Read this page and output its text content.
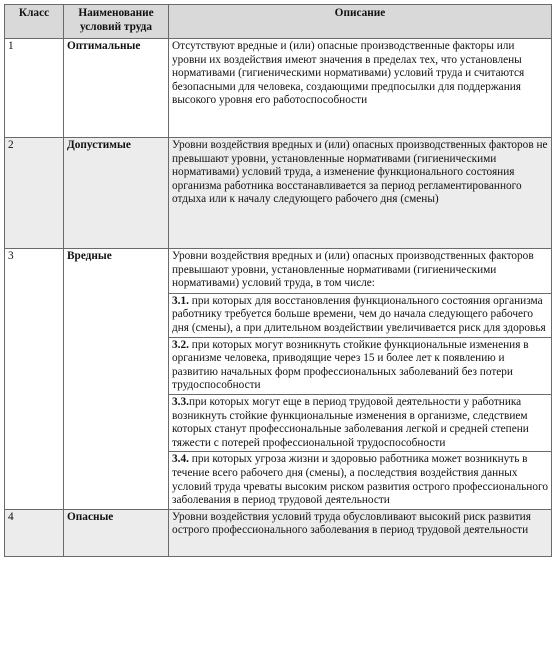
Класс	Наименование условий труда	Описание
1	Оптимальные	Отсутствуют вредные и (или) опасные производственные факторы или уровни их воздействия имеют значения в пределах тех, что установлены нормативами (гигиеническими нормативами) условий труда и считаются безопасными для человека, создающими предпосылки для поддержания высокого уровня его работоспособности
2	Допустимые	Уровни воздействия вредных и (или) опасных производственных факторов не превышают уровни, установленные нормативами (гигиеническими нормативами) условий труда, а изменение функционального состояния организма работника восстанавливается за период регламентированного отдыха или к началу следующего рабочего дня (смены)
3	Вредные	Уровни воздействия вредных и (или) опасных производственных факторов превышают уровни, установленные нормативами (гигиеническими нормативами) условий труда, в том числе:
3.1. при которых для восстановления функционального состояния организма работнику требуется больше времени, чем до начала следующего рабочего дня (смены), а при длительном воздействии увеличивается риск для здоровья
3.2. при которых могут возникнуть стойкие функциональные изменения в организме человека, приводящие через 15 и более лет к появлению и развитию начальных форм профессиональных заболеваний без потери трудоспособности
3.3.при которых могут еще в период трудовой деятельности у работника возникнуть стойкие функциональные изменения в организме, следствием которых станут профессиональные заболевания легкой и средней степени тяжести с потерей профессиональной трудоспособности
3.4. при которых угроза жизни и здоровью работника может возникнуть в течение всего рабочего дня (смены), а последствия воздействия данных условий труда чреваты высоким риском развития острого профессионального заболевания в период трудовой деятельности

4	Опасные	Уровни воздействия условий труда обусловливают высокий риск развития острого профессионального заболевания в период трудовой деятельности
